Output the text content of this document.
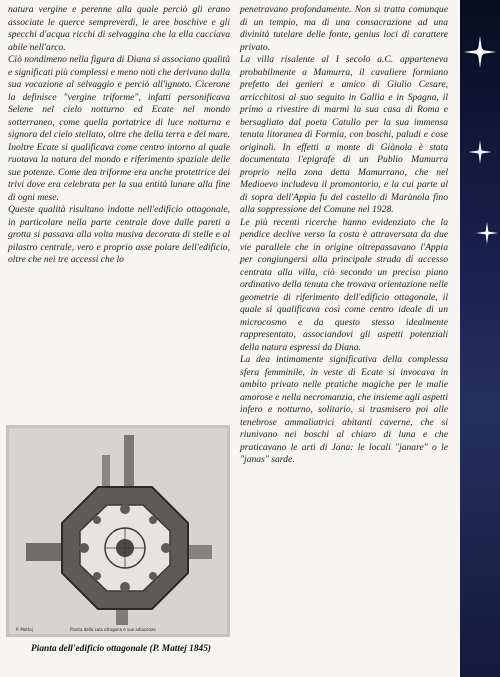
natura vergine e perenne alla quale perciò gli erano associate le querce sempreverdi, le aree boschive e gli specchi d'acqua ricchi di selvaggina che la ella cacciava abile nell'arco.

Ciò nondimeno nella figura di Diana si associano qualità e significati più complessi e meno noti che derivano dalla sua vocazione al selvaggio e perciò all'ignoto. Cicerone la definisce "vergine triforme", infatti personificava Selene nel cielo notturno ed Ecate nel mondo sotterraneo, come quella portatrice di luce notturna e signora del cielo stellato, oltre che della terra e del mare. Inoltre Ecate si qualificava come centro intorno al quale ruotava la natura del mondo e riferimento spaziale delle sue potenze. Come dea triforme era anche protettrice dei trivi dove era celebrata per la sua entità lunare alla fine di ogni mese.

Queste qualità risultano indotte nell'edificio ottagonale, in particolare nella parte centrale dove dalle pareti a grotta si passava alla volta musiva decorata di stelle e al pilastro centrale, vero e proprio asse polare dell'edificio, oltre che nei tre accessi che lo

P. Mattej	Pianta della sala ottagona e sue adiacenze
Pianta dell'edificio ottagonale (P. Mattej 1845)

penetravano profondamente. Non si tratta comunque di un tempio, ma di una consacrazione ad una divinità tutelare delle fonte, genius loci di carattere privato.

La villa risalente al I secolo a.C. apparteneva probabilmente a Mamurra, il cavaliere formiano prefetto dei genieri e amico di Giulio Cesare, arricchitosi al suo seguito in Gallia e in Spagna, il primo a rivestire di marmi la sua casa di Roma e bersagliato dal poeta Catullo per la sua immensa tenuta litoranea di Formia, con boschi, paludi e cose originali. In effetti a monte di Giànola è stata documentata l'epigrafe di un Publio Mamurra proprio nella zona detta Mamurrano, che nel Medioevo includeva il promontorio, e la cui parte al di sopra dell'Appia fu del castello di Marànola fino alla soppressione del Comune nel 1928.

Le più recenti ricerche hanno evidenziato che la pendice declive verso la costa è attraversata da due vie parallele che in origine oltrepassavano l'Appia per congiungersi alla principale strada di accesso centrata alla villa, ciò secondo un preciso piano ordinativo della tenuta che trovava orientazione nelle geometrie di riferimento dell'edificio ottagonale, il quale si qualificava così come centro ideale di un microcosmo e da questo stesso idealmente rappresentato, associandovi gli aspetti potenziali della natura espressi da Diana.

La dea intimamente significativa della complessa sfera femminile, in veste di Ecate si invocava in ambito privato nelle pratiche magiche per le malie amorose e nella necromanzia, che insieme agli aspetti infero e notturno, solitario, si trasmisero poi alle tenebrose ammaliatrici abitanti caverne, che si riunivano nei boschi al chiaro di luna e che praticavano le arti di Jana: le locali "janare" o le "janas" sarde.
